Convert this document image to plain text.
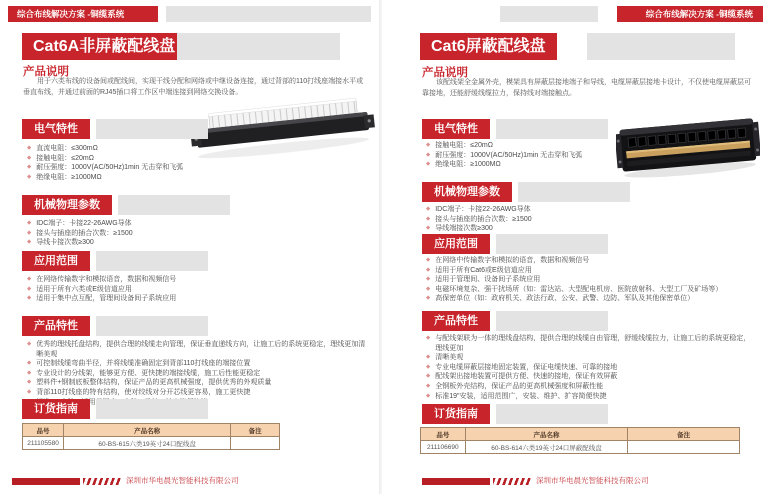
综合布线解决方案 -铜缆系统
Cat6A非屏蔽配线盘
产品说明

用于六类布线的设备间或配线间，实现干线分配和网络或中继设备连接，通过背部的110打线座端接水平或垂直布线，并通过前面的RJ45插口将工作区中端连接到网络交换设备。

电气特性
◆ 直流电阻：≤300mΩ
◆ 接触电阻：≤20mΩ
◆ 耐压强度：1000V(AC/50Hz)1min 无击穿和飞弧
◆ 绝缘电阻：≥1000MΩ
机械物理参数
◆ IDC端子：卡接22-26AWG导体
◆ 接头与插座的插合次数：≥1500
◆ 导线卡接次数≥300
应用范围
◆ 在网络传输数字和模拟语音，数据和视频信号
◆ 适用于所有六类或E级信道应用
◆ 适用于集中点互配，管理间设备间子系统应用
产品特性
◆ 优秀的理线托盘结构，提供合理的线缆走向管理，保证垂直递线方向，让施工后的系统更稳定，理线更加清晰美观
◆ 可控制线缆弯曲半径，并将线缆准确固定到背部110打线座的端接位置
◆ 专业设计的分线架，能够更方便、更快捷的端接线缆，施工后性能更稳定
◆ 塑料件+钢制底板整体结构，保证产品的更高机械强度，提供优秀的外观质量
◆ 背部110打线座的特有结构，使对绞线对分开芯线更容易，施工更快捷
订货指南
品号	产品名称	备注
211105580	60-BS-615六类19英寸24口配线盘	
深圳市华电晨光智能科技有限公司
综合布线解决方案 -铜缆系统
Cat6屏蔽配线盘
产品说明

该配线架全金属外壳，模架具有屏蔽层接地端子和导线，电缆屏蔽层接地卡设计，不仅使电缆屏蔽层可靠接地，还能舒缓线缆拉力，保持线对端接触点。

电气特性
◆ 接触电阻：≤20mΩ
◆ 耐压强度：1000V(AC/50Hz)1min 无击穿和飞弧
◆ 绝缘电阻：≥1000MΩ
机械物理参数
◆ IDC端子：卡接22-26AWG导体
◆ 接头与插座的插合次数：≥1500
◆ 导线端接次数≥300
应用范围
◆ 在网络中传输数字和模拟的语音，数据和视频信号
◆ 适用于所有Cat6或E级信道应用
◆ 适用于管理间、设备间子系统应用
◆ 电磁环境复杂、强干扰场所（如：雷达站、大型配电机房、医院放射科、大型工厂及矿场等）
◆ 高保密单位（如：政府机关、政法行政、公安、武警、边防、军队及其他保密单位）
产品特性
◆ 与配线架联为一体的理线盘结构，提供合理的线缆自由管理，舒缓线缆拉力，让施工后的系统更稳定，理线更加
◆ 清晰美观
◆ 专业电缆屏蔽层接地固定装置，保证电缆快速、可靠的接地
◆ 配线架出接地装置可提供方便、快速的接地，保证有效屏蔽
◆ 全钢板外壳结构，保证产品的更高机械强度和屏蔽性能
◆ 标准19"安装，适用范围广，安装、维护、扩容简便快捷
订货指南
品号	产品名称	备注
211106690	60-BS-614六类19英寸24口屏蔽配线盘	
深圳市华电晨光智能科技有限公司
